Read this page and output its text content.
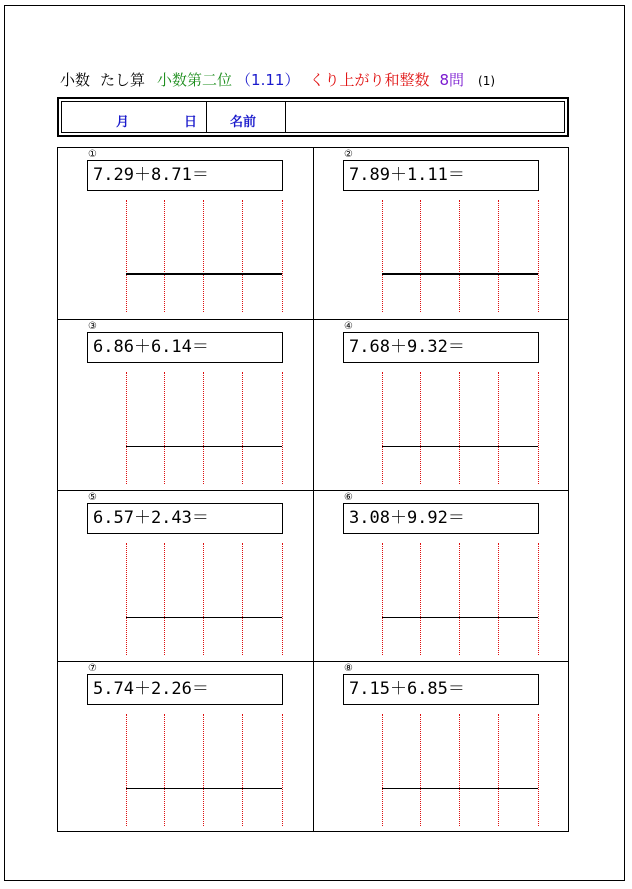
小数 たし算 小数第二位 （1.11） くり上がり和整数 8問 (1)
月	日	名前
①
7.29＋8.71＝
②
7.89＋1.11＝
③
6.86＋6.14＝
④
7.68＋9.32＝
⑤
6.57＋2.43＝
⑥
3.08＋9.92＝
⑦
5.74＋2.26＝
⑧
7.15＋6.85＝
